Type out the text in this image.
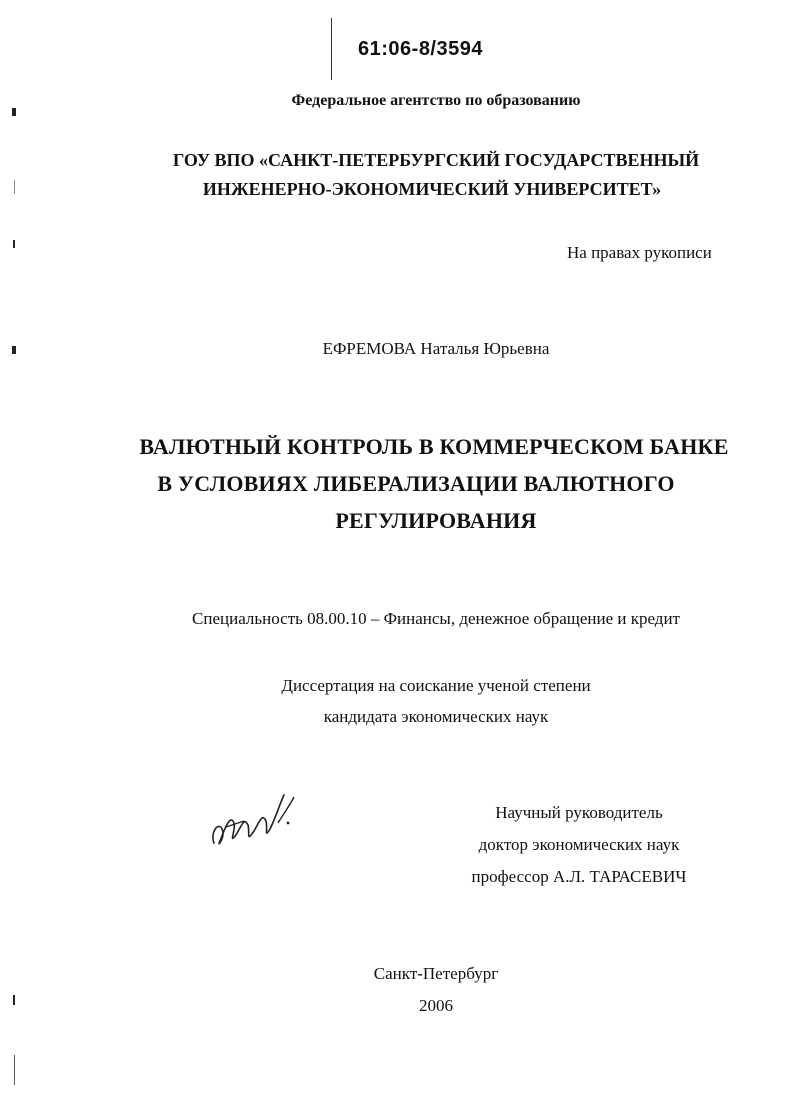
61:06-8/3594
Федеральное агентство по образованию
ГОУ ВПО «САНКТ-ПЕТЕРБУРГСКИЙ ГОСУДАРСТВЕННЫЙ
ИНЖЕНЕРНО-ЭКОНОМИЧЕСКИЙ УНИВЕРСИТЕТ»
На правах рукописи
ЕФРЕМОВА Наталья Юрьевна
ВАЛЮТНЫЙ КОНТРОЛЬ В КОММЕРЧЕСКОМ БАНКЕ
В УСЛОВИЯХ ЛИБЕРАЛИЗАЦИИ ВАЛЮТНОГО
РЕГУЛИРОВАНИЯ
Специальность 08.00.10 – Финансы, денежное обращение и кредит
Диссертация на соискание ученой степени
кандидата экономических наук
Научный руководитель
доктор экономических наук
профессор А.Л. ТАРАСЕВИЧ
Санкт-Петербург
2006
